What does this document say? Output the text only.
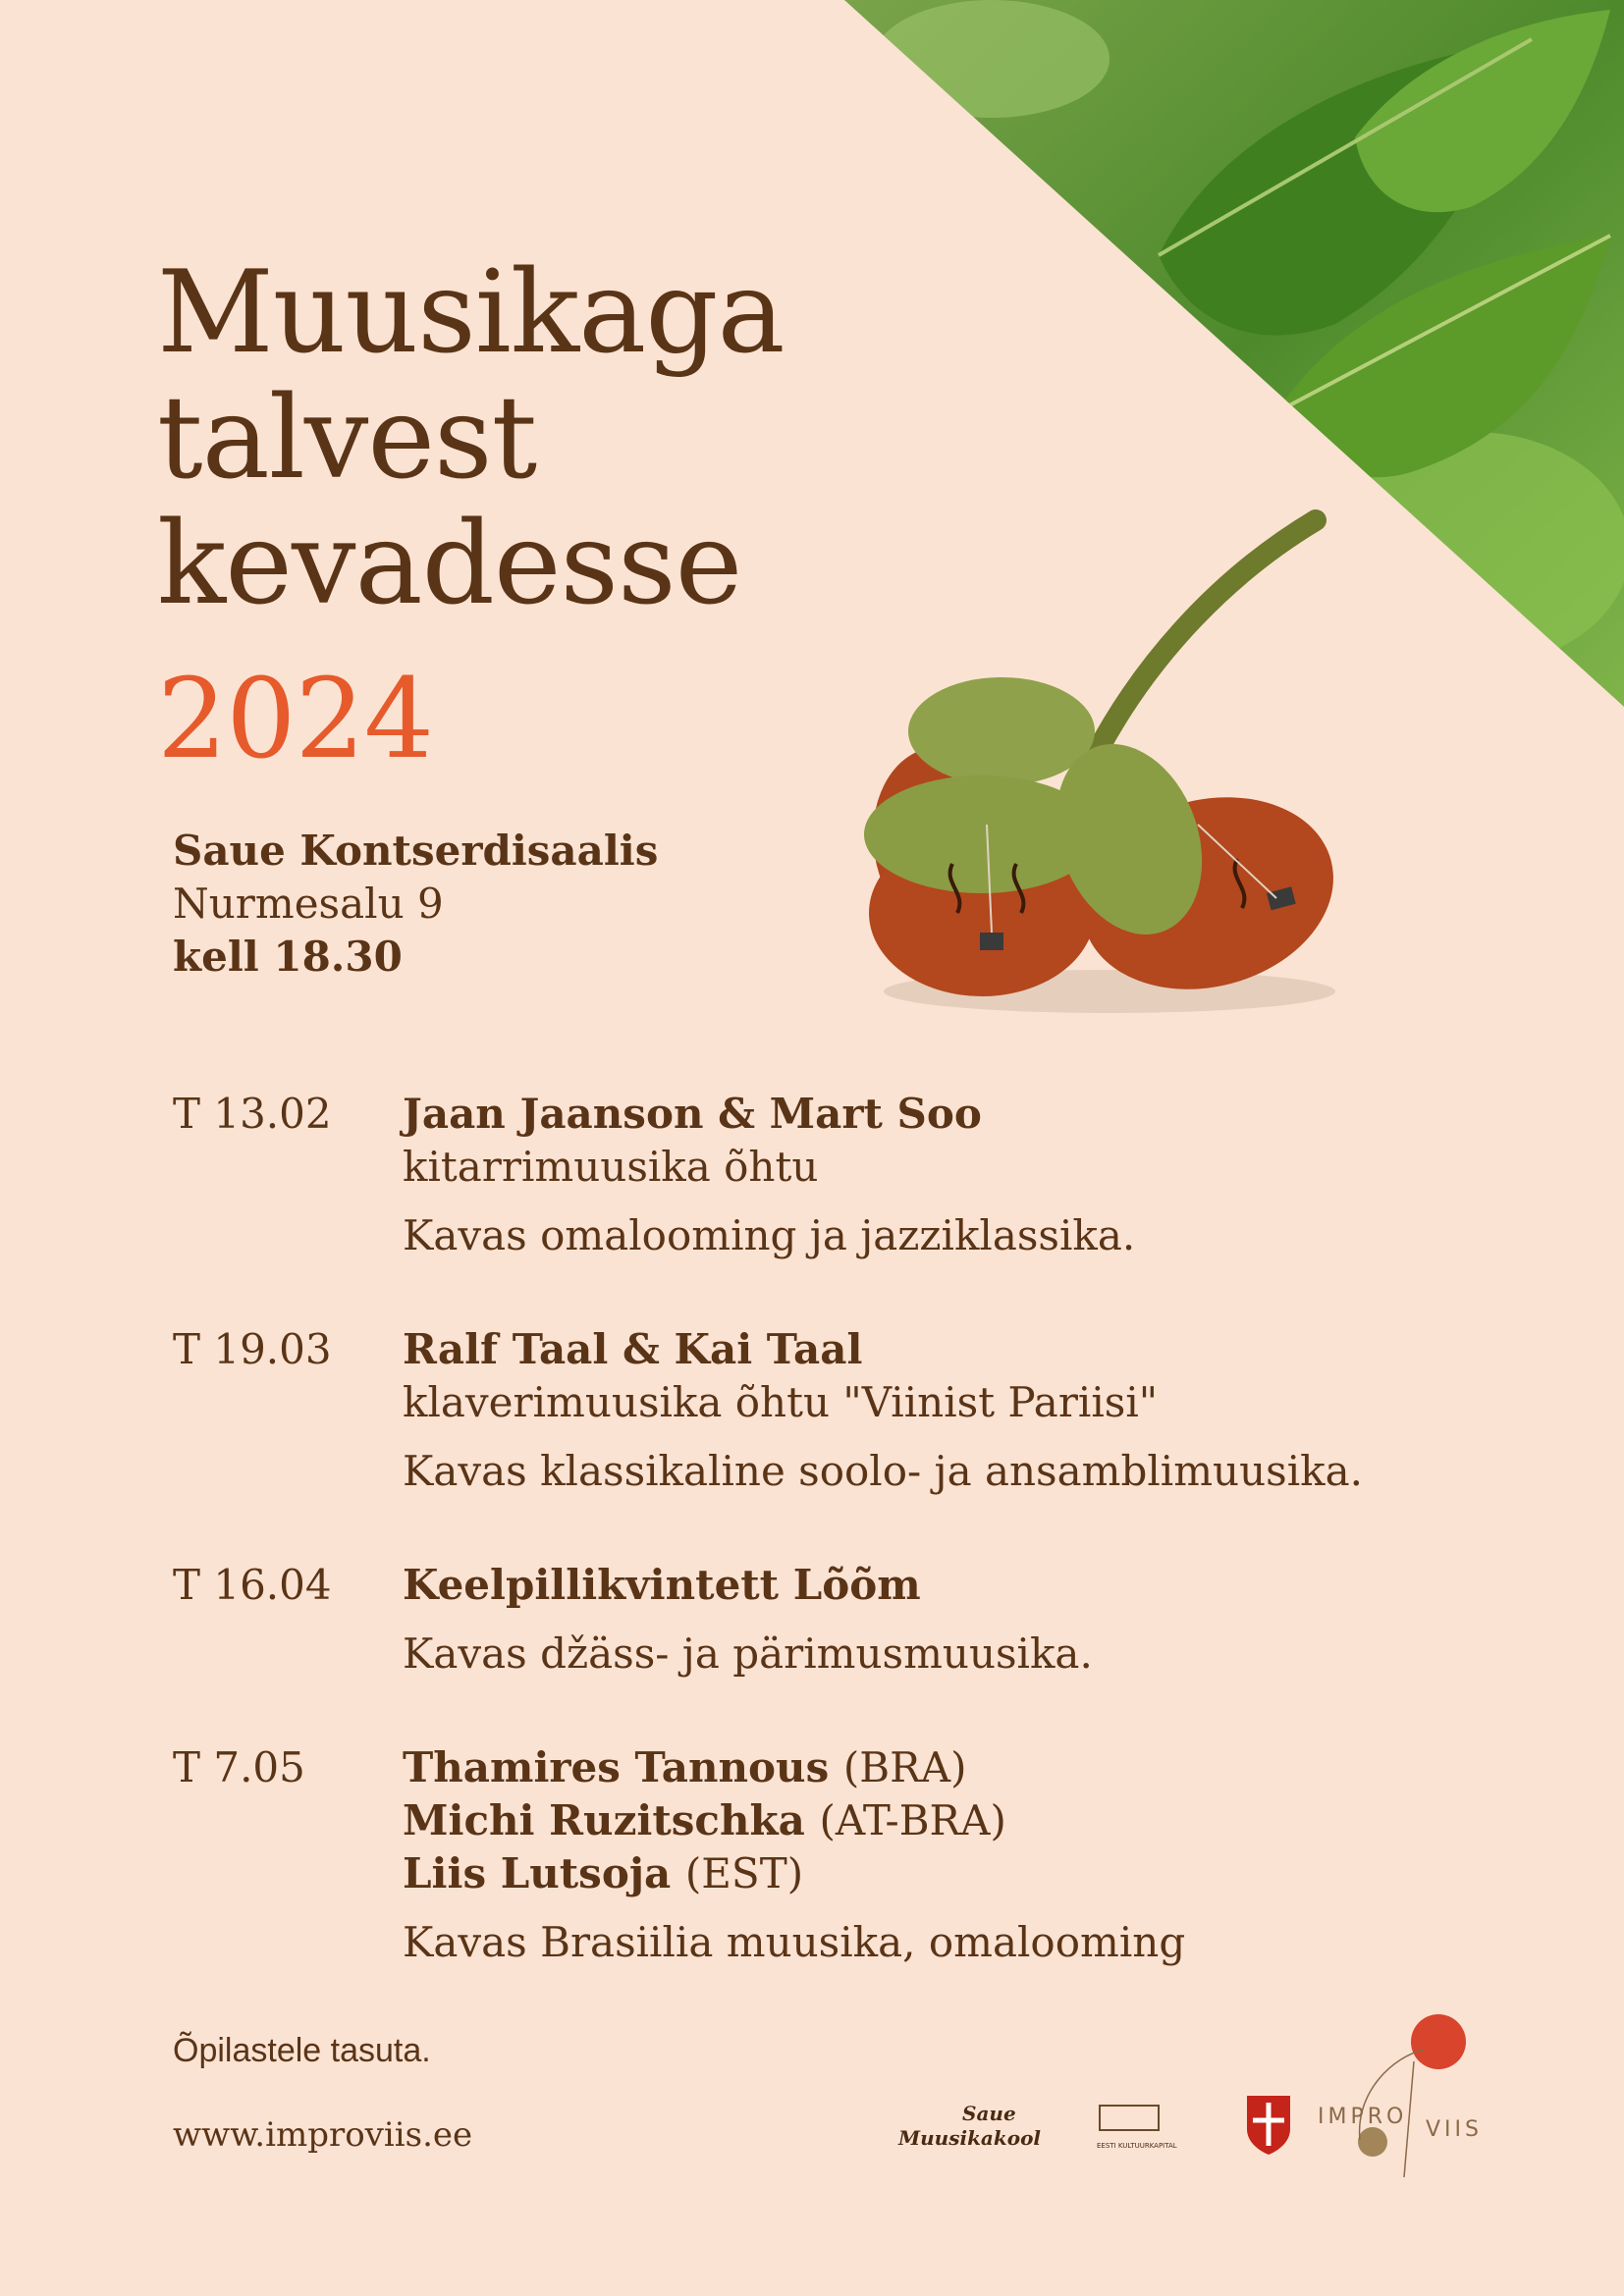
Muusikaga
talvest
kevadesse
2024
Saue Kontserdisaalis
Nurmesalu 9
kell 18.30
T 13.02 Jaan Jaanson & Mart Soo
kitarrimuusika õhtu
Kavas omalooming ja jazziklassika.
T 19.03 Ralf Taal & Kai Taal
klaverimuusika õhtu "Viinist Pariisi"
Kavas klassikaline soolo- ja ansamblimuusika.
T 16.04 Keelpillikvintett Lõõm
Kavas džäss- ja pärimusmuusika.
T 7.05 Thamires Tannous (BRA)
Michi Ruzitschka (AT-BRA)
Liis Lutsoja (EST)
Kavas Brasiilia muusika, omalooming
Õpilastele tasuta.
www.improviis.ee
Saue
Muusikakool	EESTI KULTUURKAPITAL
IMPRO
VIIS
